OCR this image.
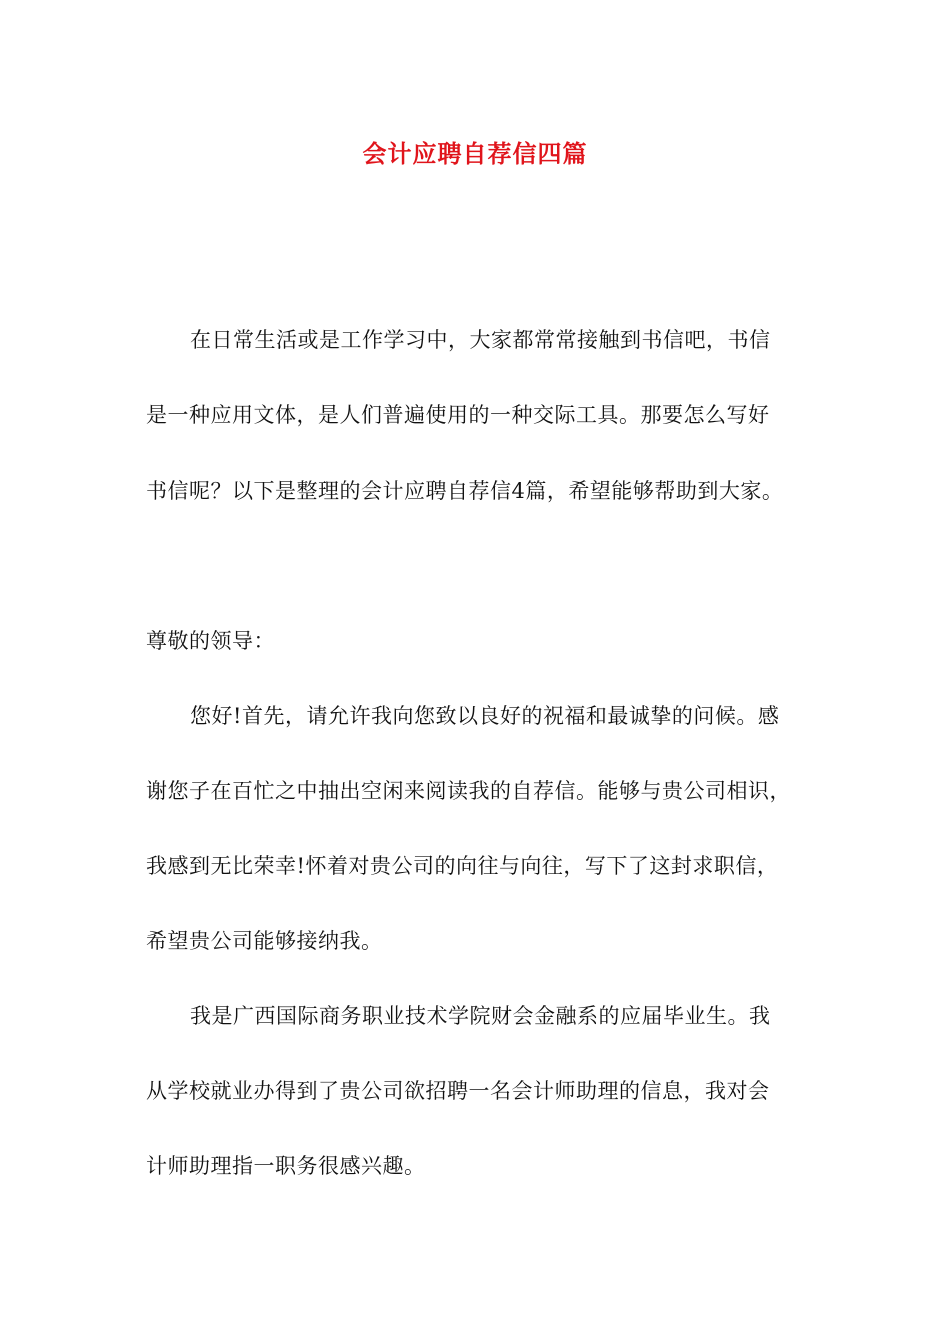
会计应聘自荐信四篇
在日常生活或是工作学习中，大家都常常接触到书信吧，书信
是一种应用文体，是人们普遍使用的一种交际工具。那要怎么写好
书信呢？以下是整理的会计应聘自荐信4篇，希望能够帮助到大家。
尊敬的领导：
您好!首先，请允许我向您致以良好的祝福和最诚挚的问候。感
谢您子在百忙之中抽出空闲来阅读我的自荐信。能够与贵公司相识，
我感到无比荣幸!怀着对贵公司的向往与向往，写下了这封求职信，
希望贵公司能够接纳我。
我是广西国际商务职业技术学院财会金融系的应届毕业生。我
从学校就业办得到了贵公司欲招聘一名会计师助理的信息，我对会
计师助理指一职务很感兴趣。
